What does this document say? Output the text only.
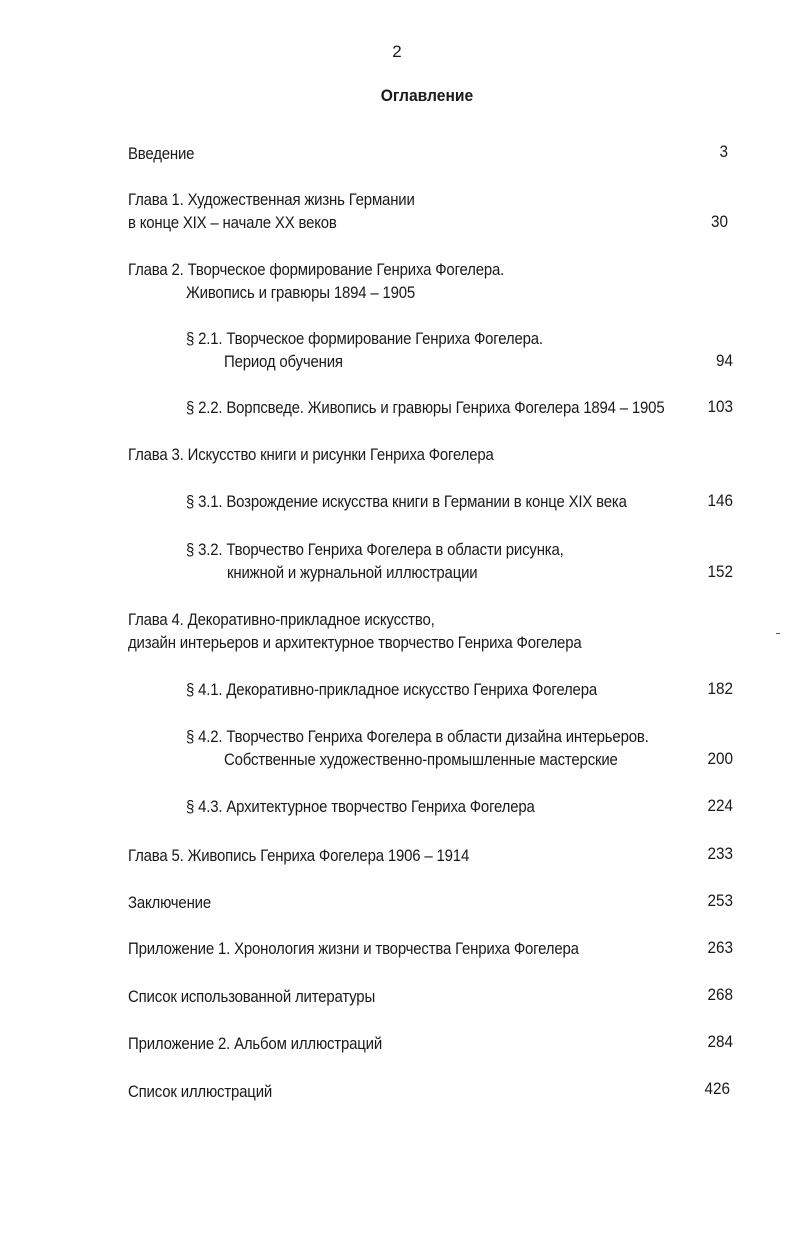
2
Оглавление
Введение	3
Глава 1. Художественная жизнь Германии
в конце XIX – начале XX веков	30
Глава 2. Творческое формирование Генриха Фогелера.
Живопись и гравюры 1894 – 1905
§ 2.1. Творческое формирование Генриха Фогелера.
Период обучения	94
§ 2.2. Ворпсведе. Живопись и гравюры Генриха Фогелера 1894 – 1905	103
Глава 3. Искусство книги и рисунки Генриха Фогелера
§ 3.1. Возрождение искусства книги в Германии в конце XIX века	146
§ 3.2. Творчество Генриха Фогелера в области рисунка,
книжной и журнальной иллюстрации	152
Глава 4. Декоративно-прикладное искусство,
дизайн интерьеров и архитектурное творчество Генриха Фогелера
§ 4.1. Декоративно-прикладное искусство Генриха Фогелера	182
§ 4.2. Творчество Генриха Фогелера в области дизайна интерьеров.
Собственные художественно-промышленные мастерские	200
§ 4.3. Архитектурное творчество Генриха Фогелера	224
Глава 5. Живопись Генриха Фогелера 1906 – 1914	233
Заключение	253
Приложение 1. Хронология жизни и творчества Генриха Фогелера	263
Список использованной литературы	268
Приложение 2. Альбом иллюстраций	284
Список иллюстраций	426
